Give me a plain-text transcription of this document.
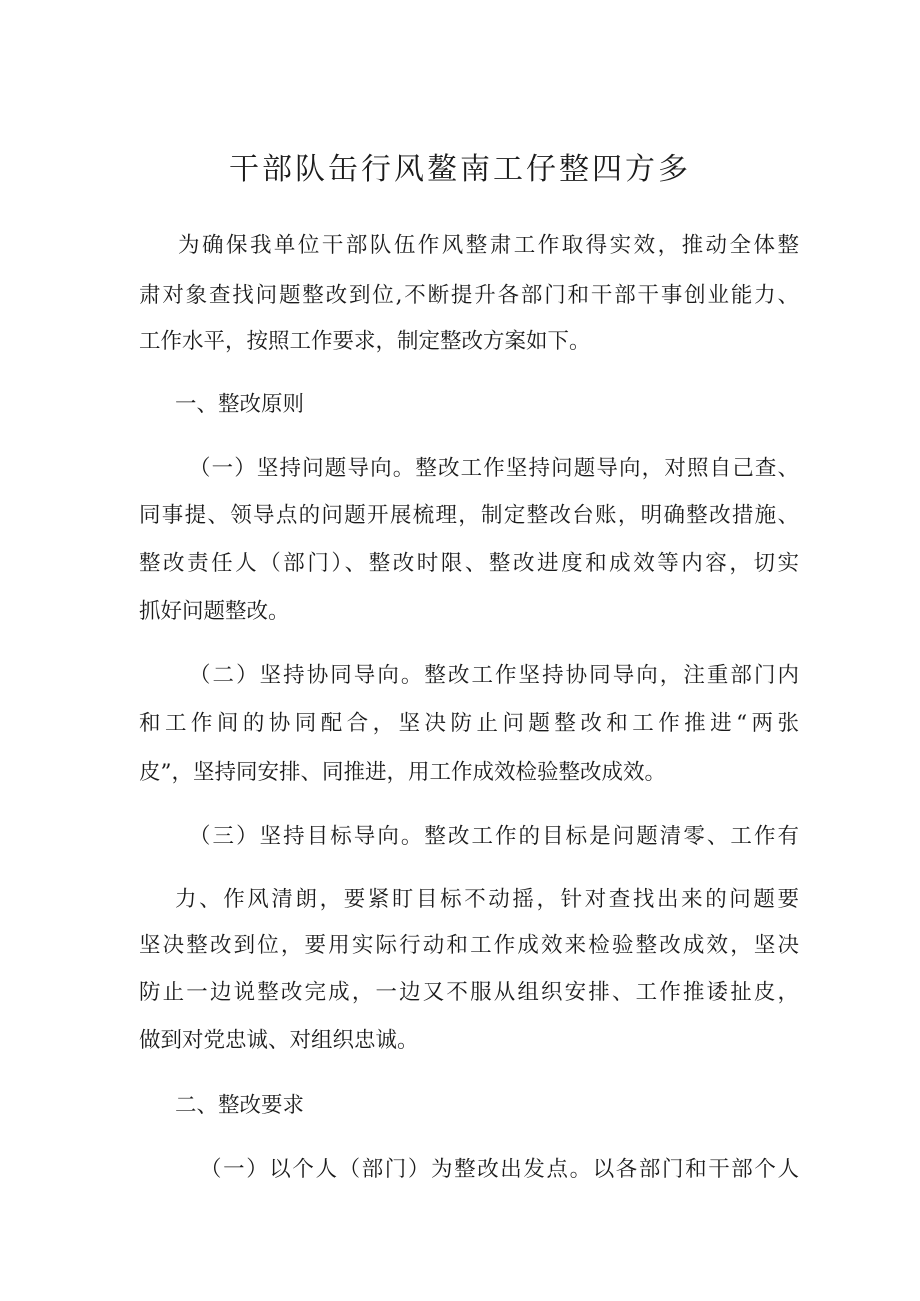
干部队缶行风鳌南工仔整四方多
为确保我单位干部队伍作风整肃工作取得实效，推动全体整
肃对象查找问题整改到位,不断提升各部门和干部干事创业能力、
工作水平，按照工作要求，制定整改方案如下。
一、整改原则
（一）坚持问题导向。整改工作坚持问题导向，对照自己查、
同事提、领导点的问题开展梳理，制定整改台账，明确整改措施、
整改责任人（部门）、整改时限、整改进度和成效等内容，切实
抓好问题整改。
（二）坚持协同导向。整改工作坚持协同导向，注重部门内
和工作间的协同配合，坚决防止问题整改和工作推进“两张
皮”，坚持同安排、同推进，用工作成效检验整改成效。
（三）坚持目标导向。整改工作的目标是问题清零、工作有
力、作风清朗，要紧盯目标不动摇，针对查找出来的问题要
坚决整改到位，要用实际行动和工作成效来检验整改成效，坚决
防止一边说整改完成，一边又不服从组织安排、工作推诿扯皮，
做到对党忠诚、对组织忠诚。
二、整改要求
（一）以个人（部门）为整改出发点。以各部门和干部个人
